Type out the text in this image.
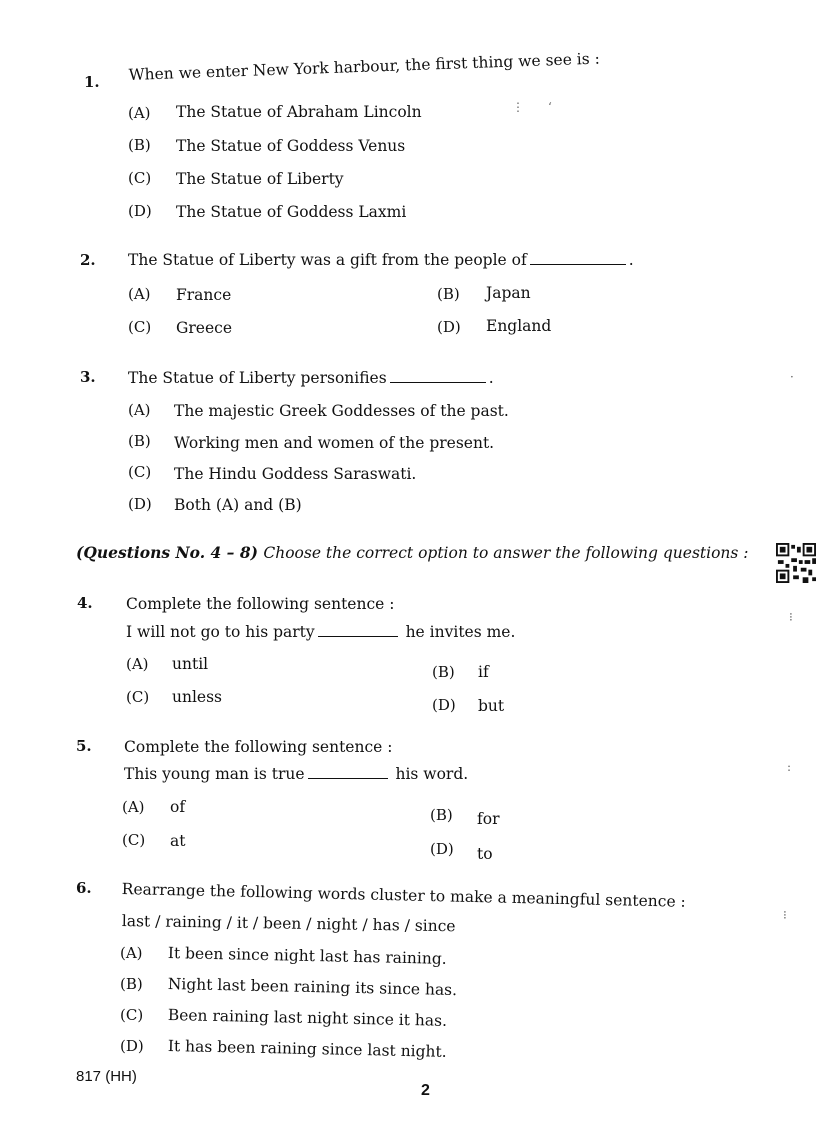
1. When we enter New York harbour, the first thing we see is :
(A) The Statue of Abraham Lincoln
(B) The Statue of Goddess Venus
(C) The Statue of Liberty
(D) The Statue of Goddess Laxmi
2. The Statue of Liberty was a gift from the people of	.
(A) France	(B) Japan
(C) Greece	(D) England
3. The Statue of Liberty personifies	.
(A) The majestic Greek Goddesses of the past.
(B) Working men and women of the present.
(C) The Hindu Goddess Saraswati.
(D) Both (A) and (B)
(Questions No. 4 – 8) Choose the correct option to answer the following questions :
4. Complete the following sentence :
I will not go to his party	he invites me.
(A) until	(B) if
(C) unless	(D) but
5. Complete the following sentence :
This young man is true	his word.
(A) of	(B) for
(C) at	(D) to
6. Rearrange the following words cluster to make a meaningful sentence :
last / raining / it / been / night / has / since
(A) It been since night last has raining.
(B) Night last been raining its since has.
(C) Been raining last night since it has.
(D) It has been raining since last night.
817 (HH)
2
⋮ ʻ
⁝
:
⁝
·
